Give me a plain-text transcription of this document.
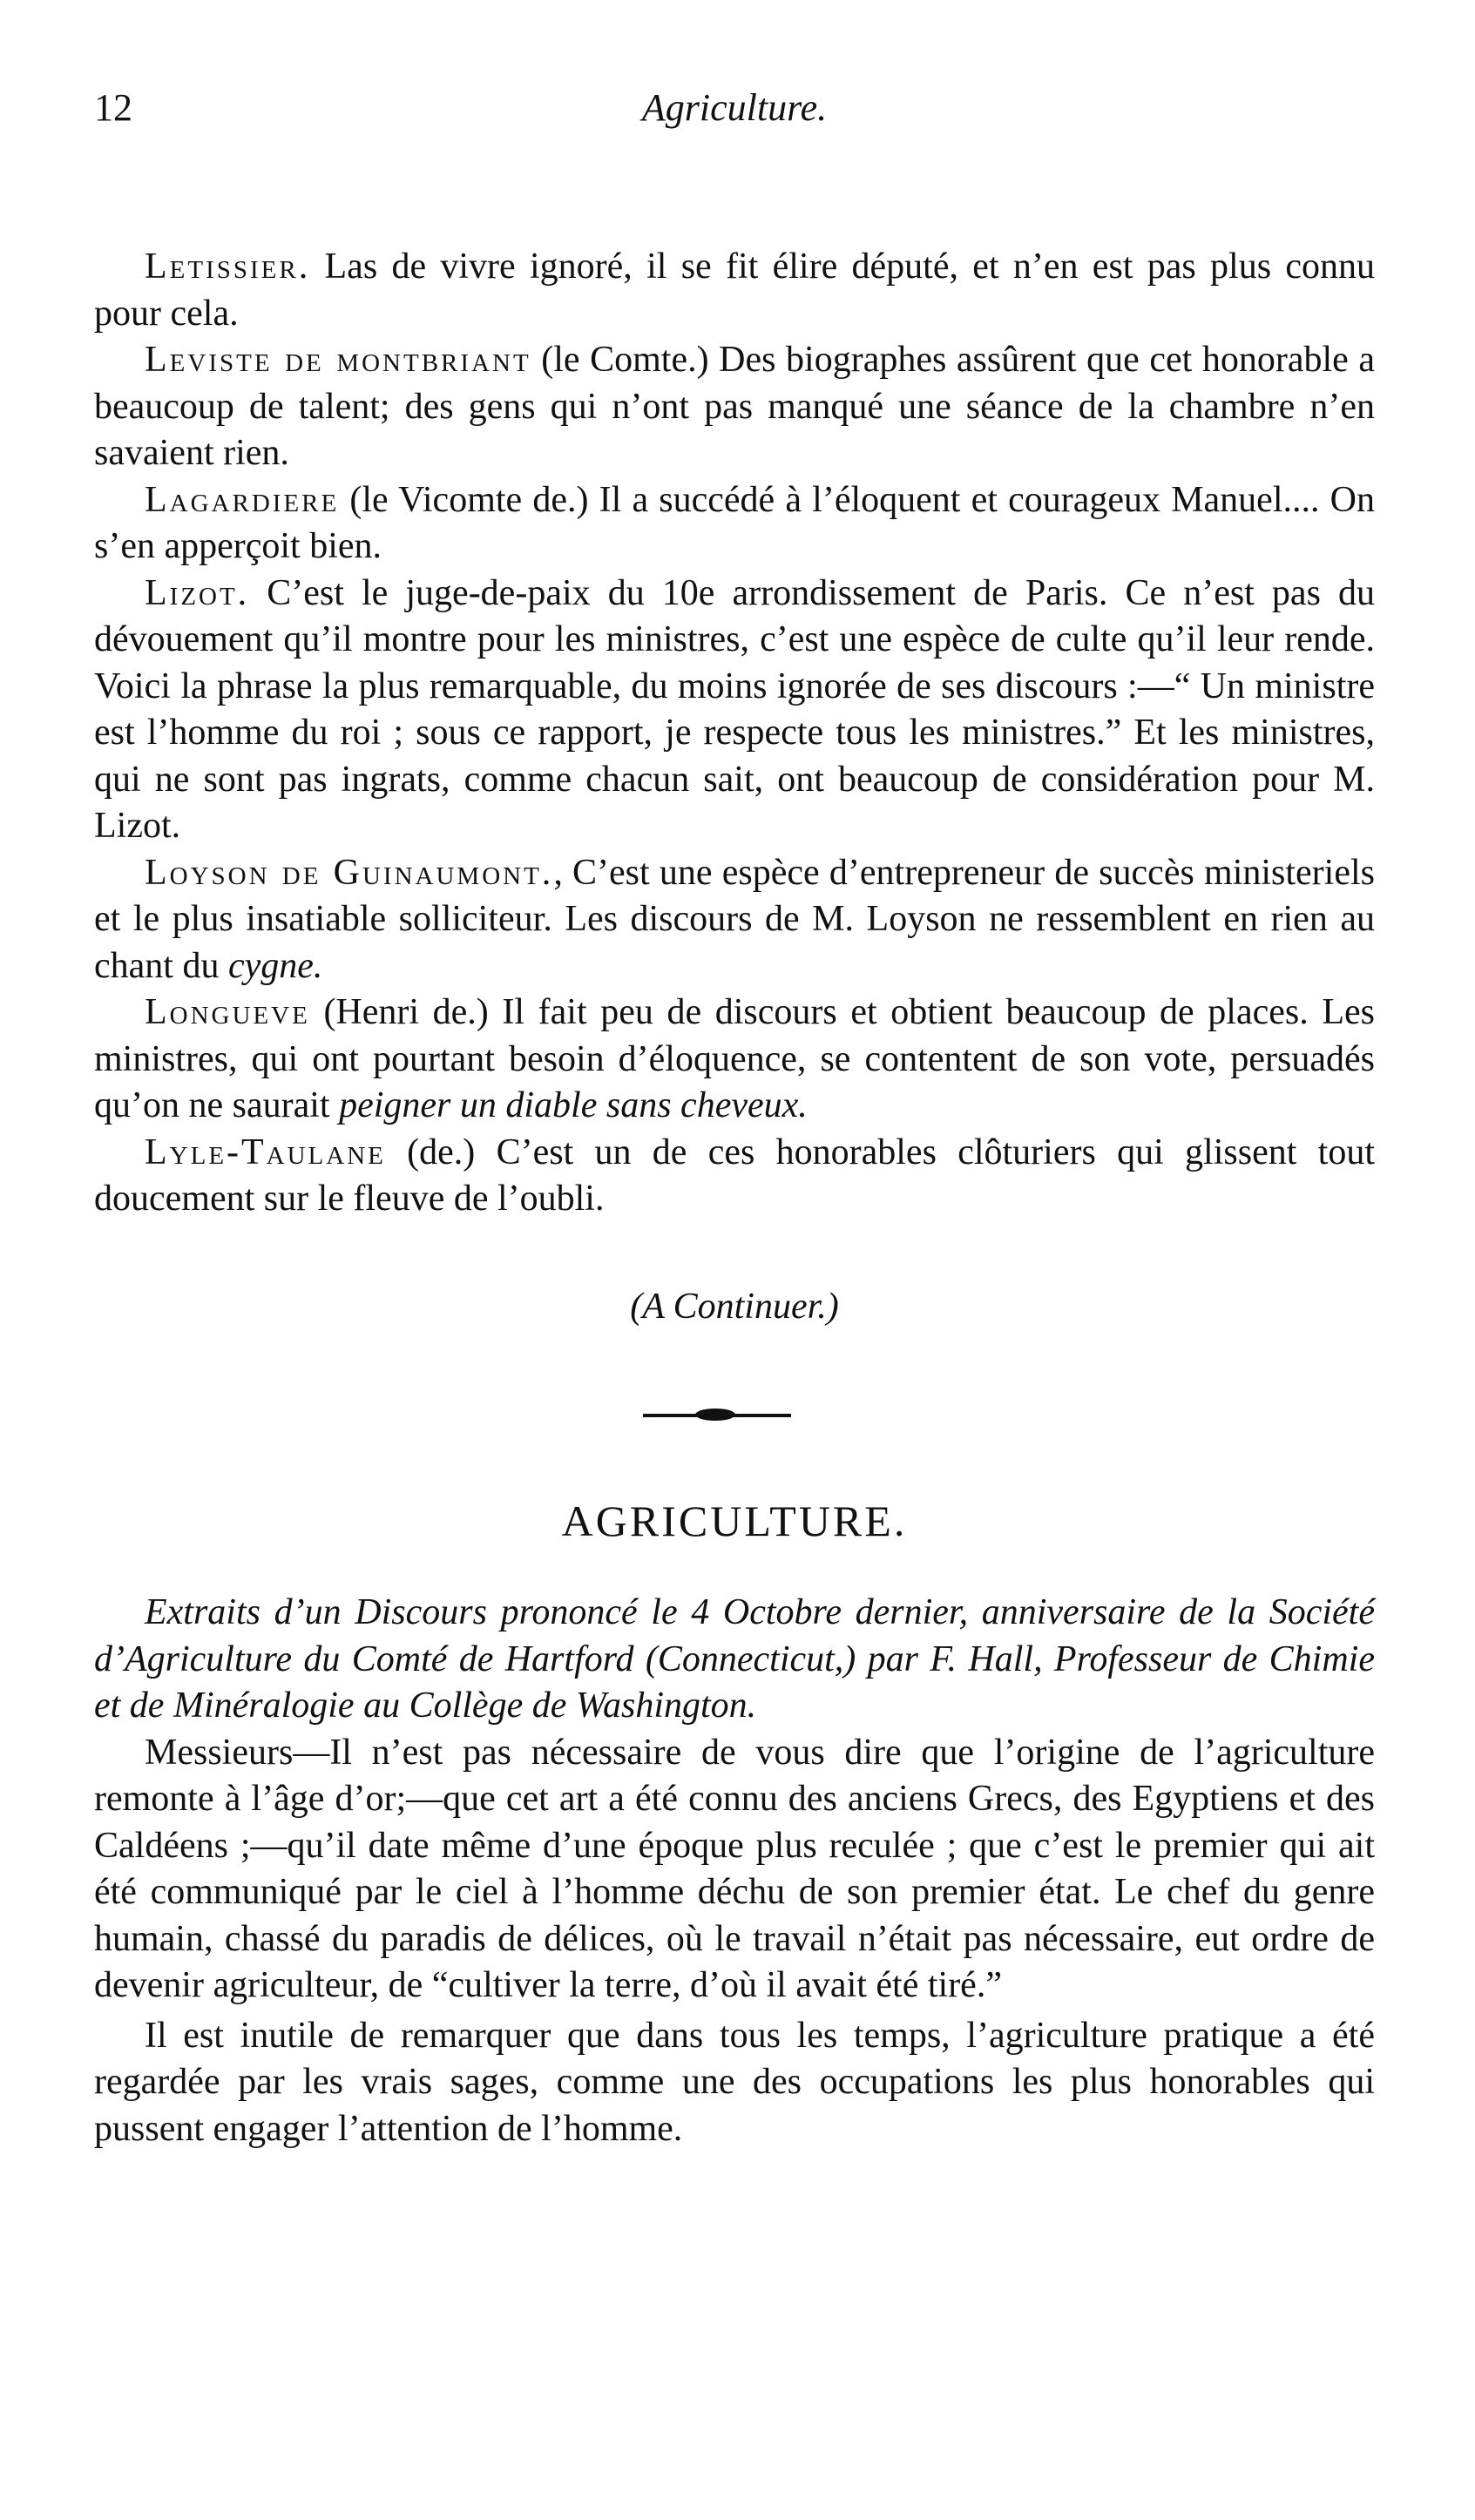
12	Agriculture.

Letissier. Las de vivre ignoré, il se fit élire député, et n’en est pas plus connu pour cela.

Leviste de montbriant (le Comte.) Des biographes assûrent que cet honorable a beaucoup de talent; des gens qui n’ont pas manqué une séance de la chambre n’en savaient rien.

Lagardiere (le Vicomte de.) Il a succédé à l’éloquent et courageux Manuel.... On s’en apperçoit bien.

Lizot. C’est le juge-de-paix du 10e arrondissement de Paris. Ce n’est pas du dévouement qu’il montre pour les ministres, c’est une espèce de culte qu’il leur rende. Voici la phrase la plus remarquable, du moins ignorée de ses discours :—“ Un ministre est l’homme du roi ; sous ce rapport, je respecte tous les ministres.” Et les ministres, qui ne sont pas ingrats, comme chacun sait, ont beaucoup de considération pour M. Lizot.

Loyson de Guinaumont., C’est une espèce d’entrepreneur de succès ministeriels et le plus insatiable solliciteur. Les discours de M. Loyson ne ressemblent en rien au chant du cygne.

Longueve (Henri de.) Il fait peu de discours et obtient beaucoup de places. Les ministres, qui ont pourtant besoin d’éloquence, se contentent de son vote, persuadés qu’on ne saurait peigner un diable sans cheveux.

Lyle-Taulane (de.) C’est un de ces honorables clôturiers qui glissent tout doucement sur le fleuve de l’oubli.

(A Continuer.)

AGRICULTURE.

Extraits d’un Discours prononcé le 4 Octobre dernier, anniversaire de la Société d’Agriculture du Comté de Hartford (Connecticut,) par F. Hall, Professeur de Chimie et de Minéralogie au Collège de Washington.

Messieurs—Il n’est pas nécessaire de vous dire que l’origine de l’agriculture remonte à l’âge d’or;—que cet art a été connu des anciens Grecs, des Egyptiens et des Caldéens ;—qu’il date même d’une époque plus reculée ; que c’est le premier qui ait été communiqué par le ciel à l’homme déchu de son premier état. Le chef du genre humain, chassé du paradis de délices, où le travail n’était pas nécessaire, eut ordre de devenir agriculteur, de “cultiver la terre, d’où il avait été tiré.”

Il est inutile de remarquer que dans tous les temps, l’agriculture pratique a été regardée par les vrais sages, comme une des occupations les plus honorables qui pussent engager l’attention de l’homme.
